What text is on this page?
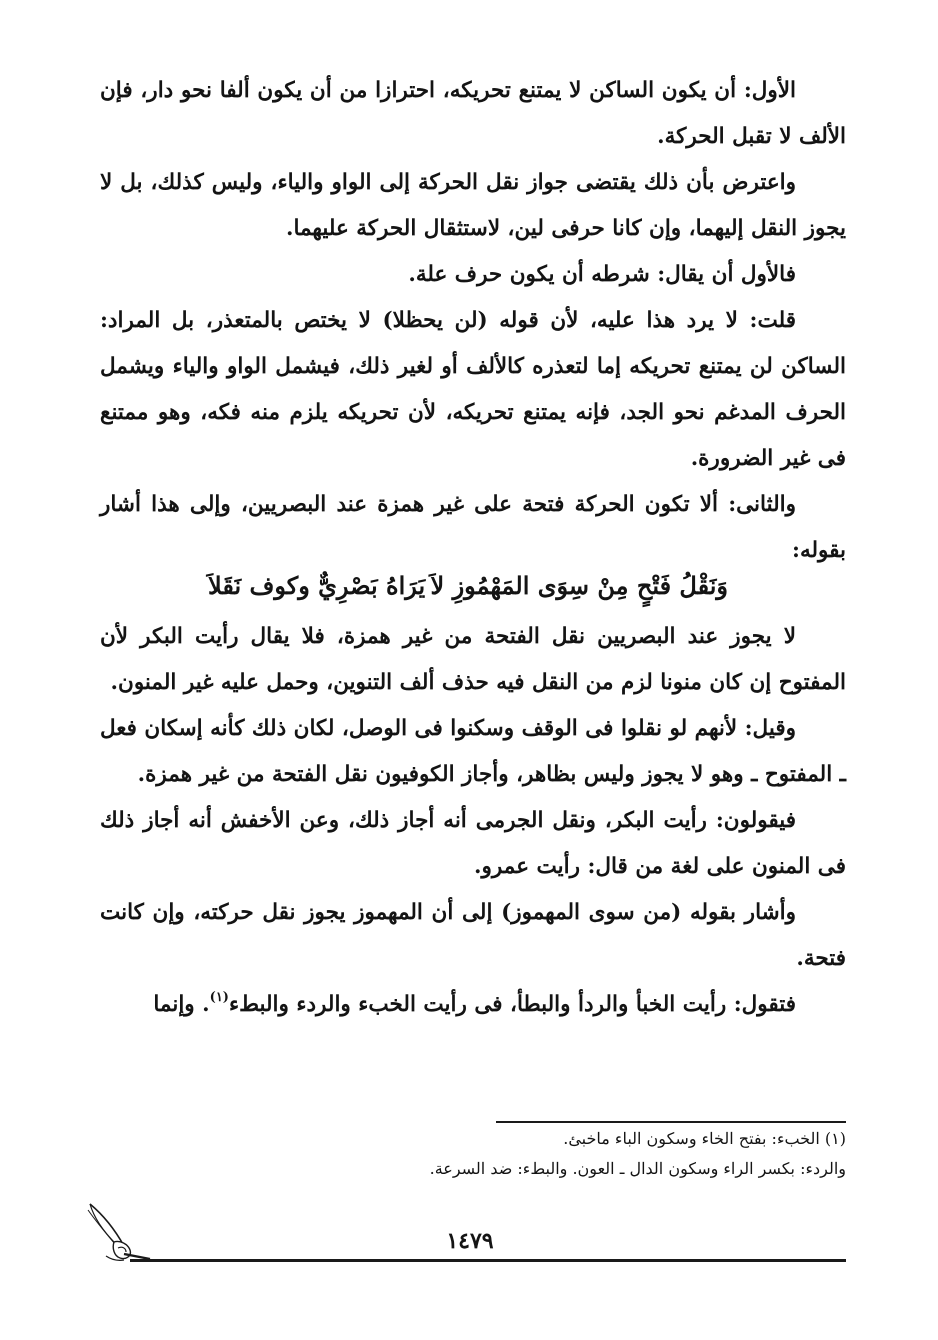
الأول: أن يكون الساكن لا يمتنع تحريكه، احترازا من أن يكون ألفا نحو دار، فإن الألف لا تقبل الحركة.

واعترض بأن ذلك يقتضى جواز نقل الحركة إلى الواو والياء، وليس كذلك، بل لا يجوز النقل إليهما، وإن كانا حرفى لين، لاستثقال الحركة عليهما.

فالأول أن يقال: شرطه أن يكون حرف علة.

قلت: لا يرد هذا عليه، لأن قوله (لن يحظلا) لا يختص بالمتعذر، بل المراد: الساكن لن يمتنع تحريكه إما لتعذره كالألف أو لغير ذلك، فيشمل الواو والياء ويشمل الحرف المدغم نحو الجد، فإنه يمتنع تحريكه، لأن تحريكه يلزم منه فكه، وهو ممتنع فى غير الضرورة.

والثانى: ألا تكون الحركة فتحة على غير همزة عند البصريين، وإلى هذا أشار بقوله:

وَنَقْلُ فَتْحٍ مِنْ سِوَى المَهْمُوزِ لاَ
يَرَاهُ بَصْرِيٌّ وكوف نَقَلاَ

لا يجوز عند البصريين نقل الفتحة من غير همزة، فلا يقال رأيت البكر لأن المفتوح إن كان منونا لزم من النقل فيه حذف ألف التنوين، وحمل عليه غير المنون.

وقيل: لأنهم لو نقلوا فى الوقف وسكنوا فى الوصل، لكان ذلك كأنه إسكان فعل ـ المفتوح ـ وهو لا يجوز وليس بظاهر، وأجاز الكوفيون نقل الفتحة من غير همزة.

فيقولون: رأيت البكر، ونقل الجرمى أنه أجاز ذلك، وعن الأخفش أنه أجاز ذلك فى المنون على لغة من قال: رأيت عمرو.

وأشار بقوله (من سوى المهموز) إلى أن المهموز يجوز نقل حركته، وإن كانت فتحة.

فتقول: رأيت الخبأ والردأ والبطأ، فى رأيت الخبء والردء والبطء$^{(١)}$. وإنما

(١) الخبء: بفتح الخاء وسكون الباء ماخبئ.

والردء: بكسر الراء وسكون الدال ـ العون. والبطء: ضد السرعة.

١٤٧٩
